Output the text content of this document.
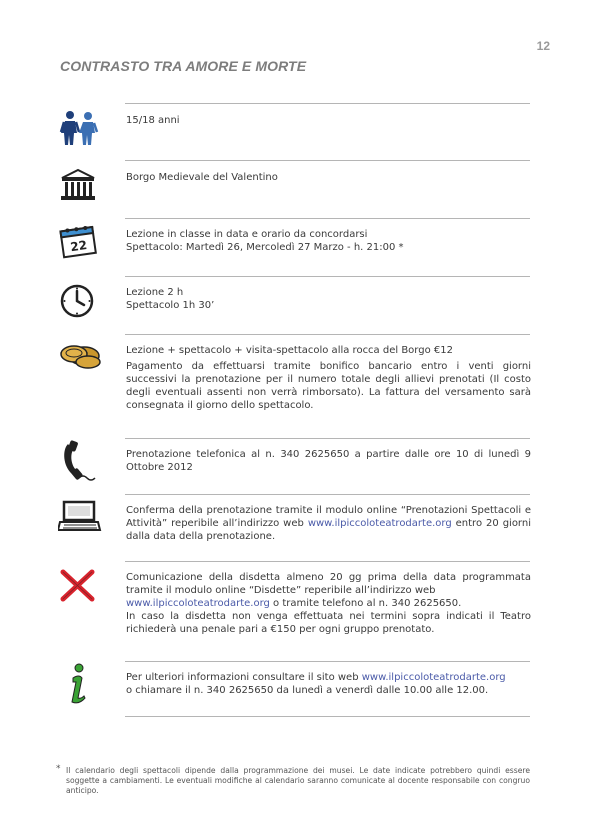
12
CONTRASTO TRA AMORE E MORTE

15/18 anni

Borgo Medievale del Valentino

22

Lezione in classe in data e orario da concordarsi

Spettacolo: Martedì 26, Mercoledì 27 Marzo - h. 21:00 *

Lezione 2 h

Spettacolo 1h 30’

Lezione + spettacolo + visita-spettacolo alla rocca del Borgo €12

Pagamento da effettuarsi tramite bonifico bancario entro i venti giorni successivi la prenotazione per il numero totale degli allievi prenotati (Il costo degli eventuali assenti non verrà rimborsato). La fattura del versamento sarà consegnata il giorno dello spettacolo.

Prenotazione telefonica al n. 340 2625650 a partire dalle ore 10 di lunedì 9 Ottobre 2012

Conferma della prenotazione tramite il modulo online “Prenotazioni Spettacoli e Attività” reperibile all’indirizzo web www.ilpiccoloteatrodarte.org entro 20 giorni dalla data della prenotazione.

Comunicazione della disdetta almeno 20 gg prima della data programmata tramite il modulo online “Disdette” reperibile all’indirizzo web

www.ilpiccoloteatrodarte.org o tramite telefono al n. 340 2625650.

In caso la disdetta non venga effettuata nei termini sopra indicati il Teatro richiederà una penale pari a €150 per ogni gruppo prenotato.

Per ulteriori informazioni consultare il sito web www.ilpiccoloteatrodarte.org

o chiamare il n. 340 2625650 da lunedì a venerdì dalle 10.00 alle 12.00.

* Il calendario degli spettacoli dipende dalla programmazione dei musei. Le date indicate potrebbero quindi essere soggette a cambiamenti. Le eventuali modifiche al calendario saranno comunicate al docente responsabile con congruo anticipo.
